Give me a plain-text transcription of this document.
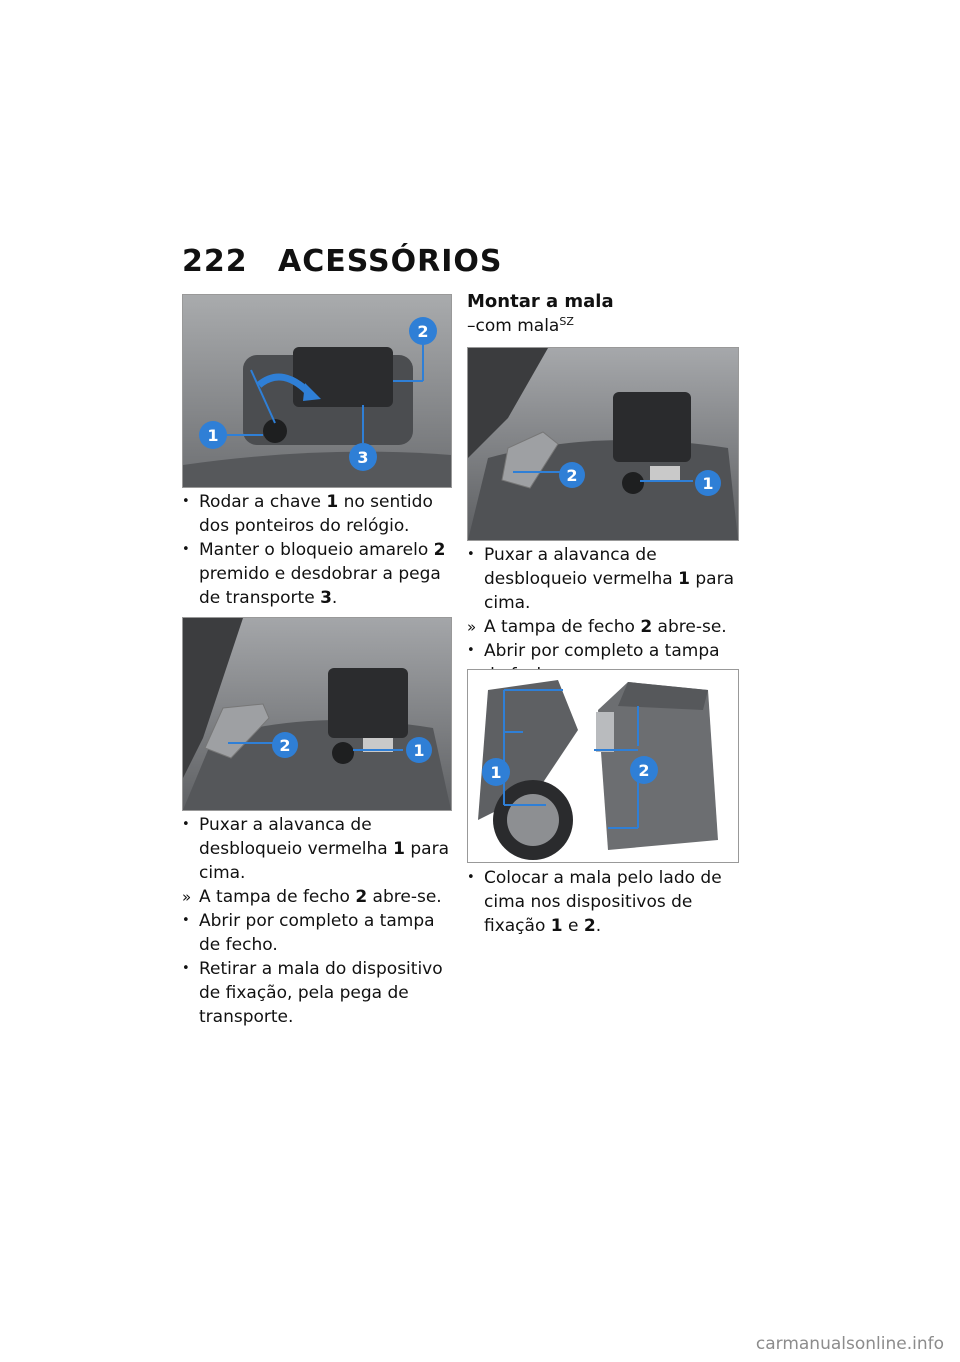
222 ACESSÓRIOS
1
2
3
• Rodar a chave 1 no sentido dos ponteiros do relógio.
• Manter o bloqueio amarelo 2 premido e desdobrar a pega de transporte 3.
2	1
• Puxar a alavanca de desbloqueio vermelha 1 para cima.
» A tampa de fecho 2 abre-se.
• Abrir por completo a tampa de fecho.
• Retirar a mala do dispositivo de fixação, pela pega de transporte.

Montar a mala

–com mala$^{SZ}$

2	1
• Puxar a alavanca de desbloqueio vermelha 1 para cima.
» A tampa de fecho 2 abre-se.
• Abrir por completo a tampa
1	2
• Colocar a mala pelo lado de cima nos dispositivos de fixação 1 e 2.
carmanualsonline.info
